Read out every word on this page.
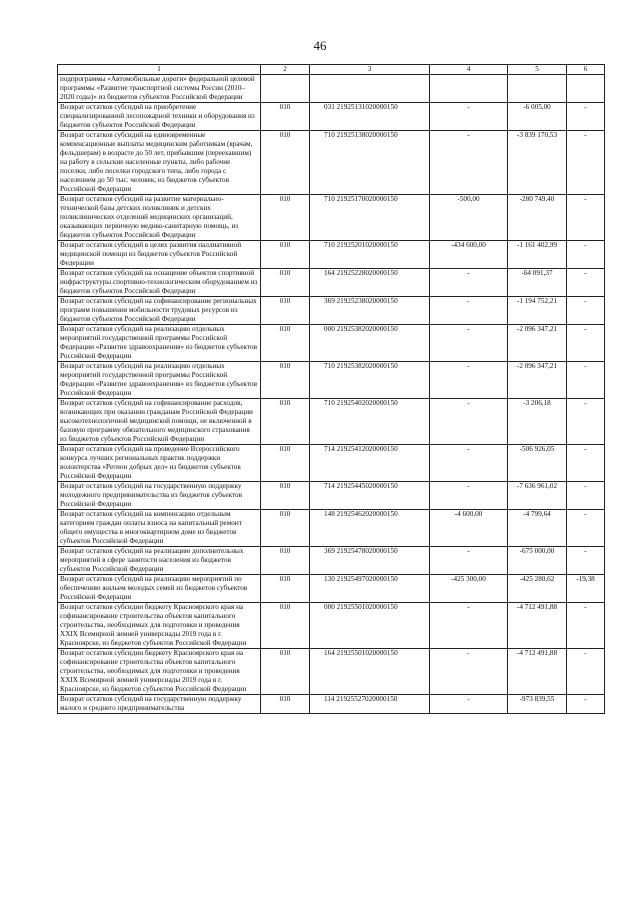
46
1	2	3	4	5	6
подпрограммы «Автомобильные дороги» федеральной целевой программы «Развитие транспортной системы России (2010–2020 годы)» из бюджетов субъектов Российской Федерации					
Возврат остатков субсидий на приобретение специализированной лесопожарной техники и оборудования из бюджетов субъектов Российской Федерации	010	031 21925131020000150	-	-6 005,00	-
Возврат остатков субсидий на единовременные компенсационные выплаты медицинским работникам (врачам, фельдшерам) в возрасте до 50 лет, прибывшим (переехавшим) на работу в сельские населенные пункты, либо рабочие поселки, либо поселки городского типа, либо города с населением до 50 тыс. человек, из бюджетов субъектов Российской Федерации	010	710 21925138020000150	-	-3 839 170,53	-
Возврат остатков субсидий на развитие материально-технической базы детских поликлиник и детских поликлинических отделений медицинских организаций, оказывающих первичную медико-санитарную помощь, из бюджетов субъектов Российской Федерации	010	710 21925170020000150	-500,00	-280 749,40	-
Возврат остатков субсидий в целях развития паллиативной медицинской помощи из бюджетов субъектов Российской Федерации	010	710 21925201020000150	-434 600,00	-1 161 402,99	-
Возврат остатков субсидий на оснащение объектов спортивной инфраструктуры спортивно-технологическим оборудованием из бюджетов субъектов Российской Федерации	010	164 21925228020000150	-	-64 091,37	-
Возврат остатков субсидий на софинансирование региональных программ повышения мобильности трудовых ресурсов из бюджетов субъектов Российской Федерации	010	369 21925238020000150	-	-1 194 752,21	-
Возврат остатков субсидий на реализацию отдельных мероприятий государственной программы Российской Федерации «Развитие здравоохранения» из бюджетов субъектов Российской Федерации	010	000 21925382020000150	-	-2 096 347,21	-
Возврат остатков субсидий на реализацию отдельных мероприятий государственной программы Российской Федерации «Развитие здравоохранения» из бюджетов субъектов Российской Федерации	010	710 21925382020000150	-	-2 096 347,21	-
Возврат остатков субсидий на софинансирование расходов, возникающих при оказании гражданам Российской Федерации высокотехнологичной медицинской помощи, не включенной в базовую программу обязательного медицинского страхования из бюджетов субъектов Российской Федерации	010	710 21925402020000150	-	-3 206,18	-
Возврат остатков субсидий на проведение Всероссийского конкурса лучших региональных практик поддержки волонтерства «Регион добрых дел» из бюджетов субъектов Российской Федерации	010	714 21925412020000150	-	-506 926,05	-
Возврат остатков субсидий на государственную поддержку молодежного предпринимательства из бюджетов субъектов Российской Федерации	010	714 21925445020000150	-	-7 636 961,02	-
Возврат остатков субсидий на компенсацию отдельным категориям граждан оплаты взноса на капитальный ремонт общего имущества в многоквартирном доме из бюджетов субъектов Российской Федерации	010	148 21925462020000150	-4 600,00	-4 799,64	-
Возврат остатков субсидий на реализацию дополнительных мероприятий в сфере занятости населения из бюджетов субъектов Российской Федерации	010	369 21925478020000150	-	-675 000,00	-
Возврат остатков субсидий на реализацию мероприятий по обеспечению жильем молодых семей из бюджетов субъектов Российской Федерации	010	130 21925497020000150	-425 300,00	-425 280,62	-19,38
Возврат остатков субсидии бюджету Красноярского края на софинансирование строительства объектов капитального строительства, необходимых для подготовки и проведения XXIX Всемирной зимней универсиады 2019 года в г. Красноярске, из бюджетов субъектов Российской Федерации	010	000 21925501020000150	-	-4 712 491,88	-
Возврат остатков субсидии бюджету Красноярского края на софинансирование строительства объектов капитального строительства, необходимых для подготовки и проведения XXIX Всемирной зимней универсиады 2019 года в г. Красноярске, из бюджетов субъектов Российской Федерации	010	164 21925501020000150	-	-4 712 491,88	-
Возврат остатков субсидий на государственную поддержку малого и среднего предпринимательства	010	114 21925527020000150	-	-973 839,55	-
